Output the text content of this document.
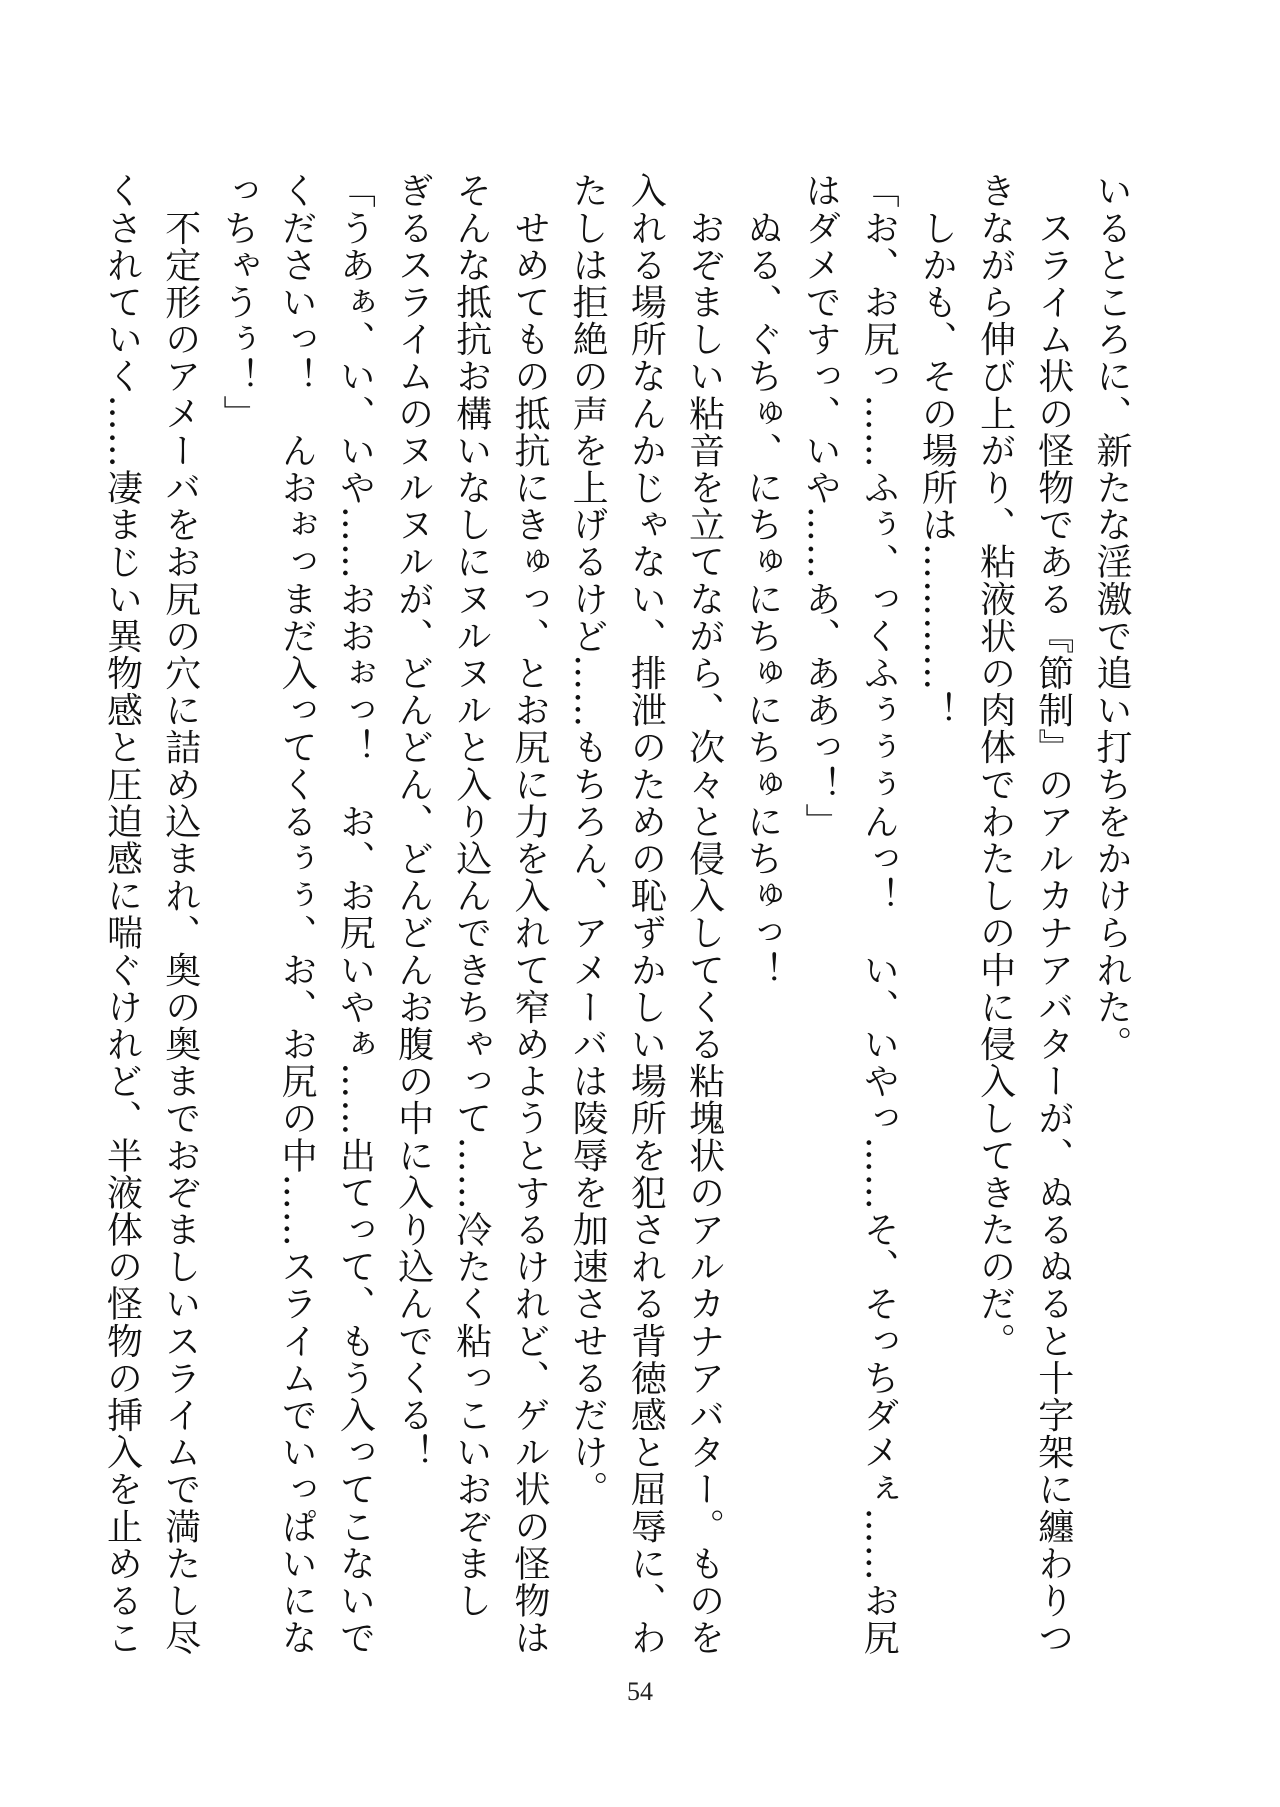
いるところに、新たな淫激で追い打ちをかけられた。
　スライム状の怪物である『節制』のアルカナアバターが、ぬるぬると十字架に纏わりつ
きながら伸び上がり、粘液状の肉体でわたしの中に侵入してきたのだ。
　しかも、その場所は…………！
「お、お尻っ……ふぅ、っくふぅぅぅんっ！　い、いやっ……そ、そっちダメぇ……お尻
はダメですっ、いや……あ、ああっ！」
　ぬる、ぐちゅ、にちゅにちゅにちゅにちゅっ！
　おぞましい粘音を立てながら、次々と侵入してくる粘塊状のアルカナアバター。ものを
入れる場所なんかじゃない、排泄のための恥ずかしい場所を犯される背徳感と屈辱に、わ
たしは拒絶の声を上げるけど……もちろん、アメーバは陵辱を加速させるだけ。
　せめてもの抵抗にきゅっ、とお尻に力を入れて窄めようとするけれど、ゲル状の怪物は
そんな抵抗お構いなしにヌルヌルと入り込んできちゃって……冷たく粘っこいおぞまし
ぎるスライムのヌルヌルが、どんどん、どんどんお腹の中に入り込んでくる！
「うあぁ、い、いや……おおぉっ！　お、お尻いやぁ……出てって、もう入ってこないで
くださいっ！　んおぉっまだ入ってくるぅぅ、お、お尻の中……スライムでいっぱいにな
っちゃうぅ！」
　不定形のアメーバをお尻の穴に詰め込まれ、奥の奥までおぞましいスライムで満たし尽
くされていく……凄まじい異物感と圧迫感に喘ぐけれど、半液体の怪物の挿入を止めるこ
54
